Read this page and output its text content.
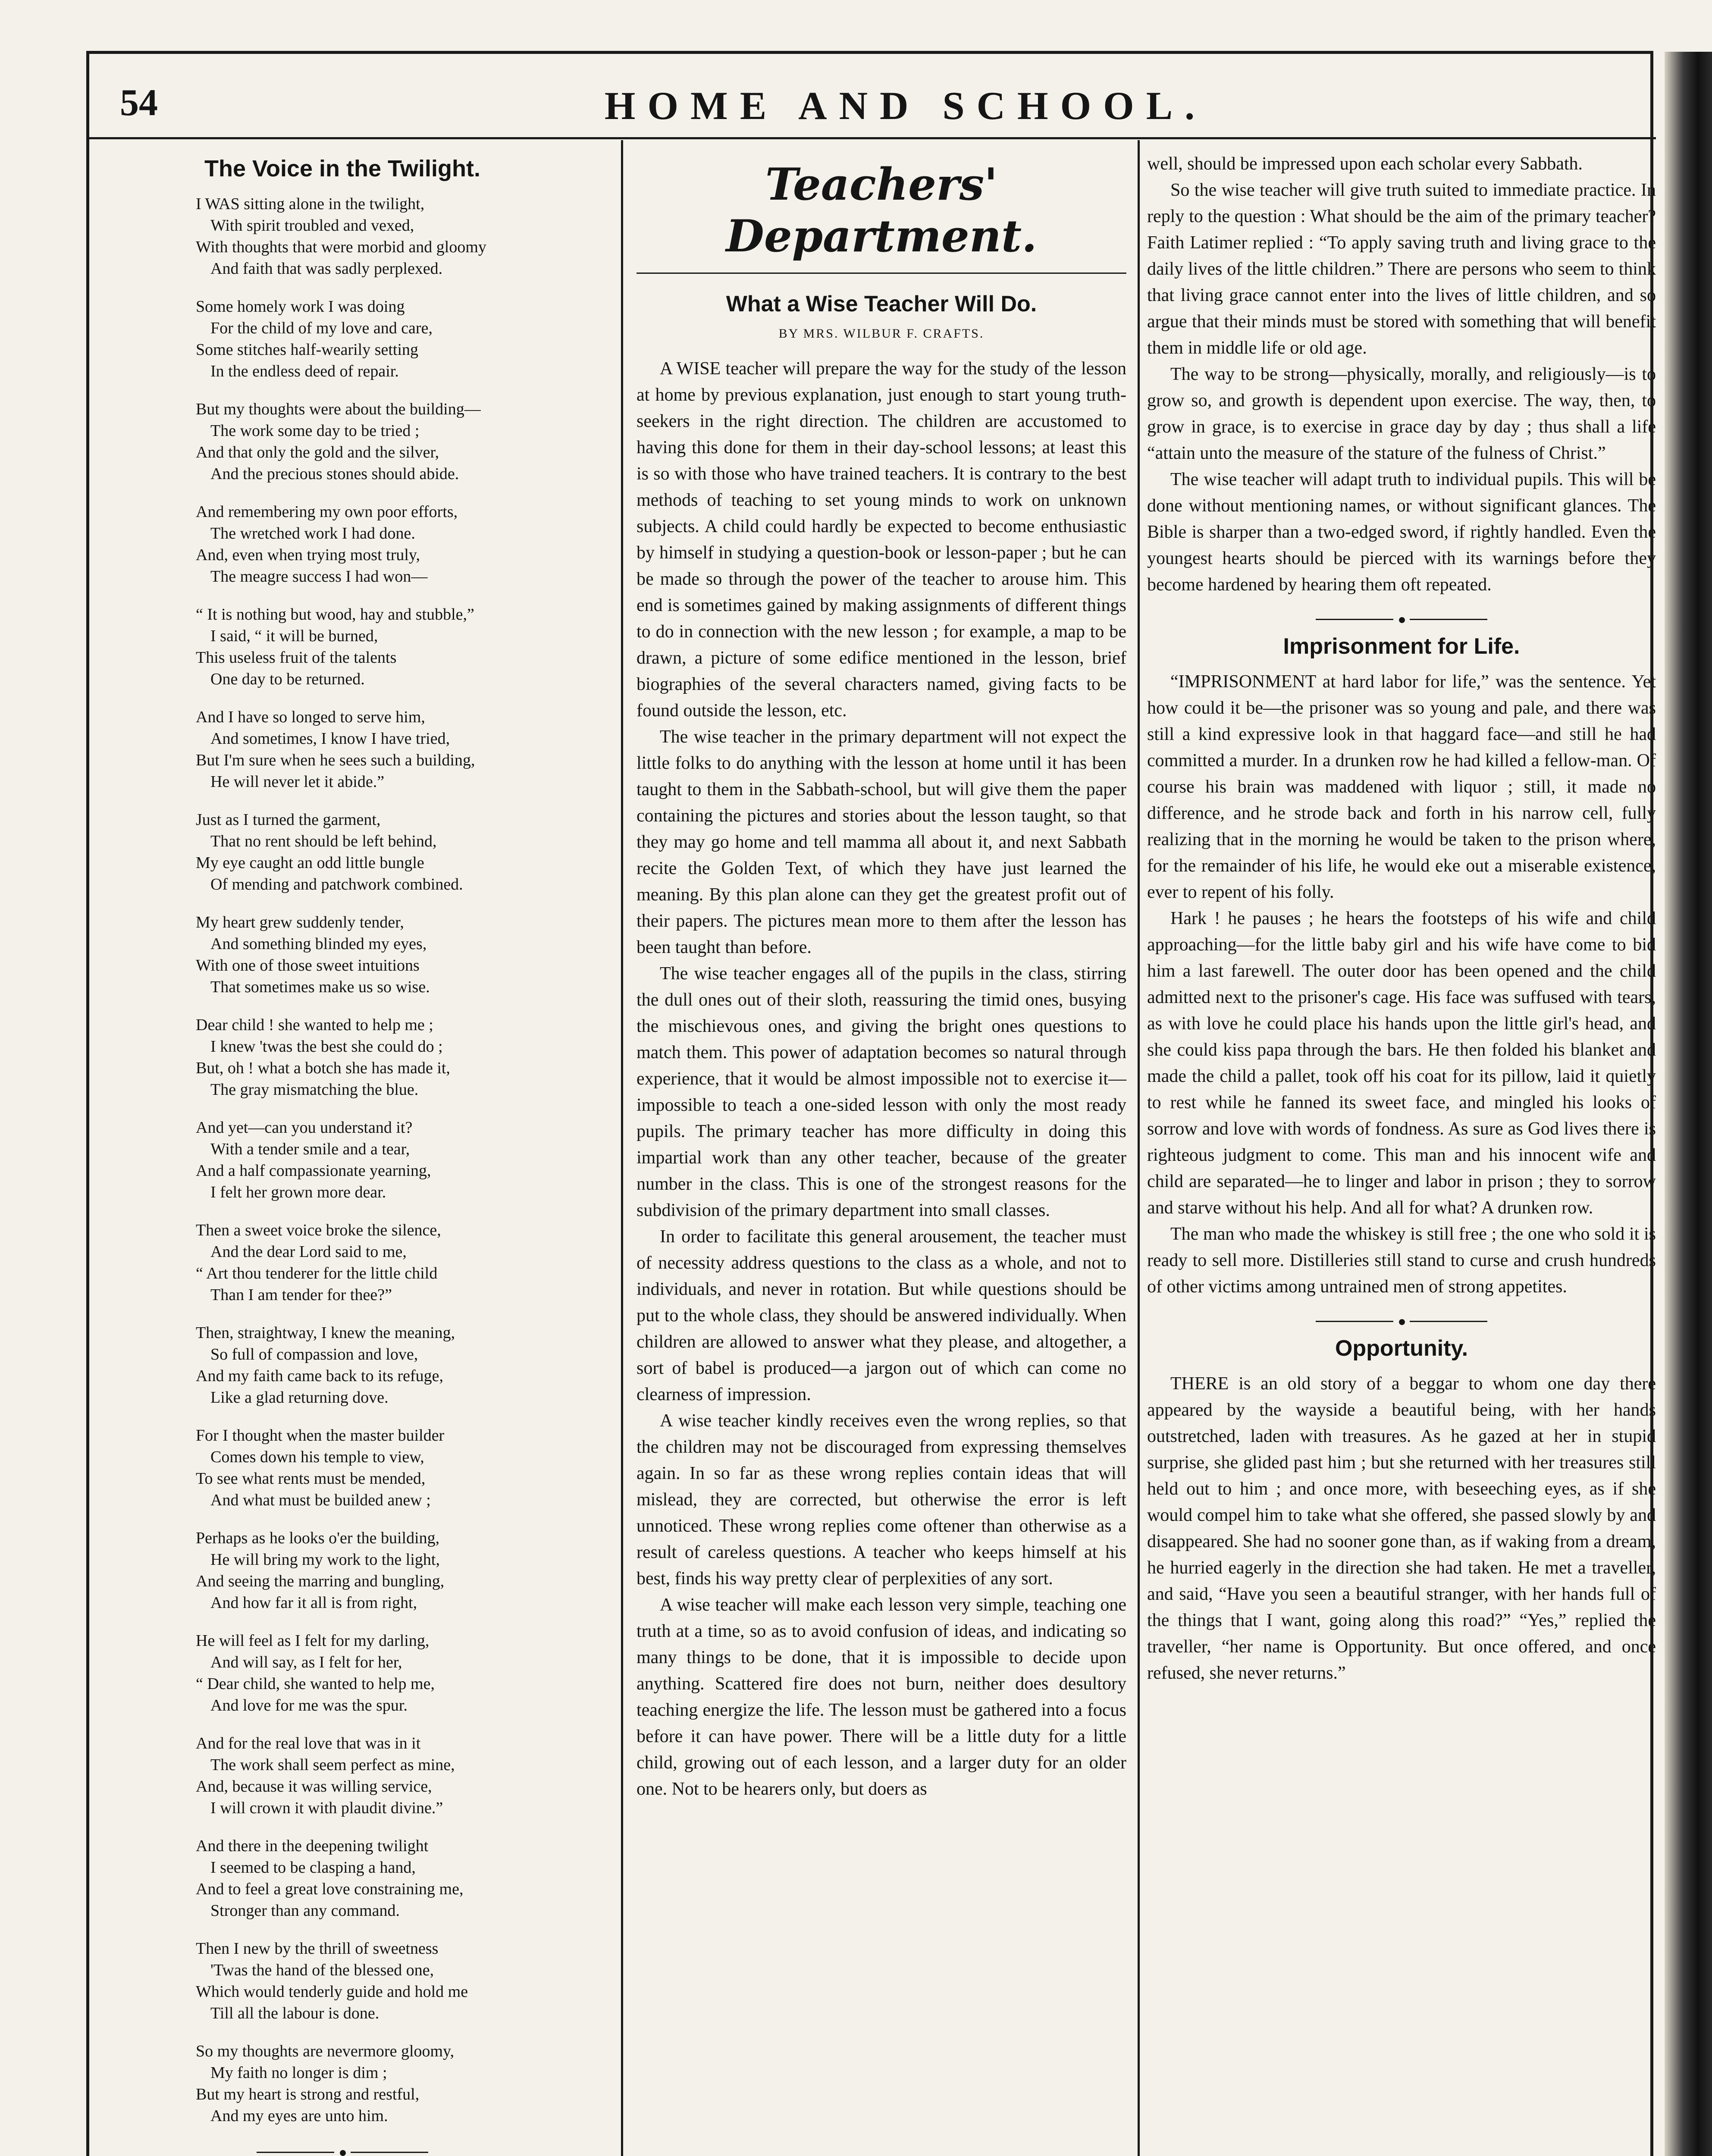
54	HOME AND SCHOOL.
The Voice in the Twilight.
I WAS sitting alone in the twilight,
With spirit troubled and vexed,
With thoughts that were morbid and gloomy
And faith that was sadly perplexed.
Some homely work I was doing
For the child of my love and care,
Some stitches half-wearily setting
In the endless deed of repair.
But my thoughts were about the building—
The work some day to be tried ;
And that only the gold and the silver,
And the precious stones should abide.
And remembering my own poor efforts,
The wretched work I had done.
And, even when trying most truly,
The meagre success I had won—
“ It is nothing but wood, hay and stubble,”
I said, “ it will be burned,
This useless fruit of the talents
One day to be returned.
And I have so longed to serve him,
And sometimes, I know I have tried,
But I'm sure when he sees such a building,
He will never let it abide.”
Just as I turned the garment,
That no rent should be left behind,
My eye caught an odd little bungle
Of mending and patchwork combined.
My heart grew suddenly tender,
And something blinded my eyes,
With one of those sweet intuitions
That sometimes make us so wise.
Dear child ! she wanted to help me ;
I knew 'twas the best she could do ;
But, oh ! what a botch she has made it,
The gray mismatching the blue.
And yet—can you understand it?
With a tender smile and a tear,
And a half compassionate yearning,
I felt her grown more dear.
Then a sweet voice broke the silence,
And the dear Lord said to me,
“ Art thou tenderer for the little child
Than I am tender for thee?”
Then, straightway, I knew the meaning,
So full of compassion and love,
And my faith came back to its refuge,
Like a glad returning dove.
For I thought when the master builder
Comes down his temple to view,
To see what rents must be mended,
And what must be builded anew ;
Perhaps as he looks o'er the building,
He will bring my work to the light,
And seeing the marring and bungling,
And how far it all is from right,
He will feel as I felt for my darling,
And will say, as I felt for her,
“ Dear child, she wanted to help me,
And love for me was the spur.
And for the real love that was in it
The work shall seem perfect as mine,
And, because it was willing service,
I will crown it with plaudit divine.”
And there in the deepening twilight
I seemed to be clasping a hand,
And to feel a great love constraining me,
Stronger than any command.
Then I new by the thrill of sweetness
'Twas the hand of the blessed one,
Which would tenderly guide and hold me
Till all the labour is done.
So my thoughts are nevermore gloomy,
My faith no longer is dim ;
But my heart is strong and restful,
And my eyes are unto him.
●

Teachers' Department.
What a Wise Teacher Will Do.
BY MRS. WILBUR F. CRAFTS.

A WISE teacher will prepare the way for the study of the lesson at home by previous explanation, just enough to start young truth-seekers in the right direction. The children are accustomed to having this done for them in their day-school lessons; at least this is so with those who have trained teachers. It is contrary to the best methods of teaching to set young minds to work on unknown subjects. A child could hardly be expected to become enthusiastic by himself in studying a question-book or lesson-paper ; but he can be made so through the power of the teacher to arouse him. This end is sometimes gained by making assignments of different things to do in connection with the new lesson ; for example, a map to be drawn, a picture of some edifice mentioned in the lesson, brief biographies of the several characters named, giving facts to be found outside the lesson, etc.

The wise teacher in the primary department will not expect the little folks to do anything with the lesson at home until it has been taught to them in the Sabbath-school, but will give them the paper containing the pictures and stories about the lesson taught, so that they may go home and tell mamma all about it, and next Sabbath recite the Golden Text, of which they have just learned the meaning. By this plan alone can they get the greatest profit out of their papers. The pictures mean more to them after the lesson has been taught than before.

The wise teacher engages all of the pupils in the class, stirring the dull ones out of their sloth, reassuring the timid ones, busying the mischievous ones, and giving the bright ones questions to match them. This power of adaptation becomes so natural through experience, that it would be almost impossible not to exercise it—impossible to teach a one-sided lesson with only the most ready pupils. The primary teacher has more difficulty in doing this impartial work than any other teacher, because of the greater number in the class. This is one of the strongest reasons for the subdivision of the primary department into small classes.

In order to facilitate this general arousement, the teacher must of necessity address questions to the class as a whole, and not to individuals, and never in rotation. But while questions should be put to the whole class, they should be answered individually. When children are allowed to answer what they please, and altogether, a sort of babel is produced—a jargon out of which can come no clearness of impression.

A wise teacher kindly receives even the wrong replies, so that the children may not be discouraged from expressing themselves again. In so far as these wrong replies contain ideas that will mislead, they are corrected, but otherwise the error is left unnoticed. These wrong replies come oftener than otherwise as a result of careless questions. A teacher who keeps himself at his best, finds his way pretty clear of perplexities of any sort.

A wise teacher will make each lesson very simple, teaching one truth at a time, so as to avoid confusion of ideas, and indicating so many things to be done, that it is impossible to decide upon anything. Scattered fire does not burn, neither does desultory teaching energize the life. The lesson must be gathered into a focus before it can have power. There will be a little duty for a little child, growing out of each lesson, and a larger duty for an older one. Not to be hearers only, but doers as

well, should be impressed upon each scholar every Sabbath.

So the wise teacher will give truth suited to immediate practice. In reply to the question : What should be the aim of the primary teacher? Faith Latimer replied : “To apply saving truth and living grace to the daily lives of the little children.” There are persons who seem to think that living grace cannot enter into the lives of little children, and so argue that their minds must be stored with something that will benefit them in middle life or old age.

The way to be strong—physically, morally, and religiously—is to grow so, and growth is dependent upon exercise. The way, then, to grow in grace, is to exercise in grace day by day ; thus shall a life “attain unto the measure of the stature of the fulness of Christ.”

The wise teacher will adapt truth to individual pupils. This will be done without mentioning names, or without significant glances. The Bible is sharper than a two-edged sword, if rightly handled. Even the youngest hearts should be pierced with its warnings before they become hardened by hearing them oft repeated.

●
Imprisonment for Life.

“IMPRISONMENT at hard labor for life,” was the sentence. Yet how could it be—the prisoner was so young and pale, and there was still a kind expressive look in that haggard face—and still he had committed a murder. In a drunken row he had killed a fellow-man. Of course his brain was maddened with liquor ; still, it made no difference, and he strode back and forth in his narrow cell, fully realizing that in the morning he would be taken to the prison where, for the remainder of his life, he would eke out a miserable existence, ever to repent of his folly.

Hark ! he pauses ; he hears the footsteps of his wife and child approaching—for the little baby girl and his wife have come to bid him a last farewell. The outer door has been opened and the child admitted next to the prisoner's cage. His face was suffused with tears, as with love he could place his hands upon the little girl's head, and she could kiss papa through the bars. He then folded his blanket and made the child a pallet, took off his coat for its pillow, laid it quietly to rest while he fanned its sweet face, and mingled his looks of sorrow and love with words of fondness. As sure as God lives there is righteous judgment to come. This man and his innocent wife and child are separated—he to linger and labor in prison ; they to sorrow and starve without his help. And all for what? A drunken row.

The man who made the whiskey is still free ; the one who sold it is ready to sell more. Distilleries still stand to curse and crush hundreds of other victims among untrained men of strong appetites.

●
Opportunity.

THERE is an old story of a beggar to whom one day there appeared by the wayside a beautiful being, with her hands outstretched, laden with treasures. As he gazed at her in stupid surprise, she glided past him ; but she returned with her treasures still held out to him ; and once more, with beseeching eyes, as if she would compel him to take what she offered, she passed slowly by and disappeared. She had no sooner gone than, as if waking from a dream, he hurried eagerly in the direction she had taken. He met a traveller, and said, “Have you seen a beautiful stranger, with her hands full of the things that I want, going along this road?” “Yes,” replied the traveller, “her name is Opportunity. But once offered, and once refused, she never returns.”
